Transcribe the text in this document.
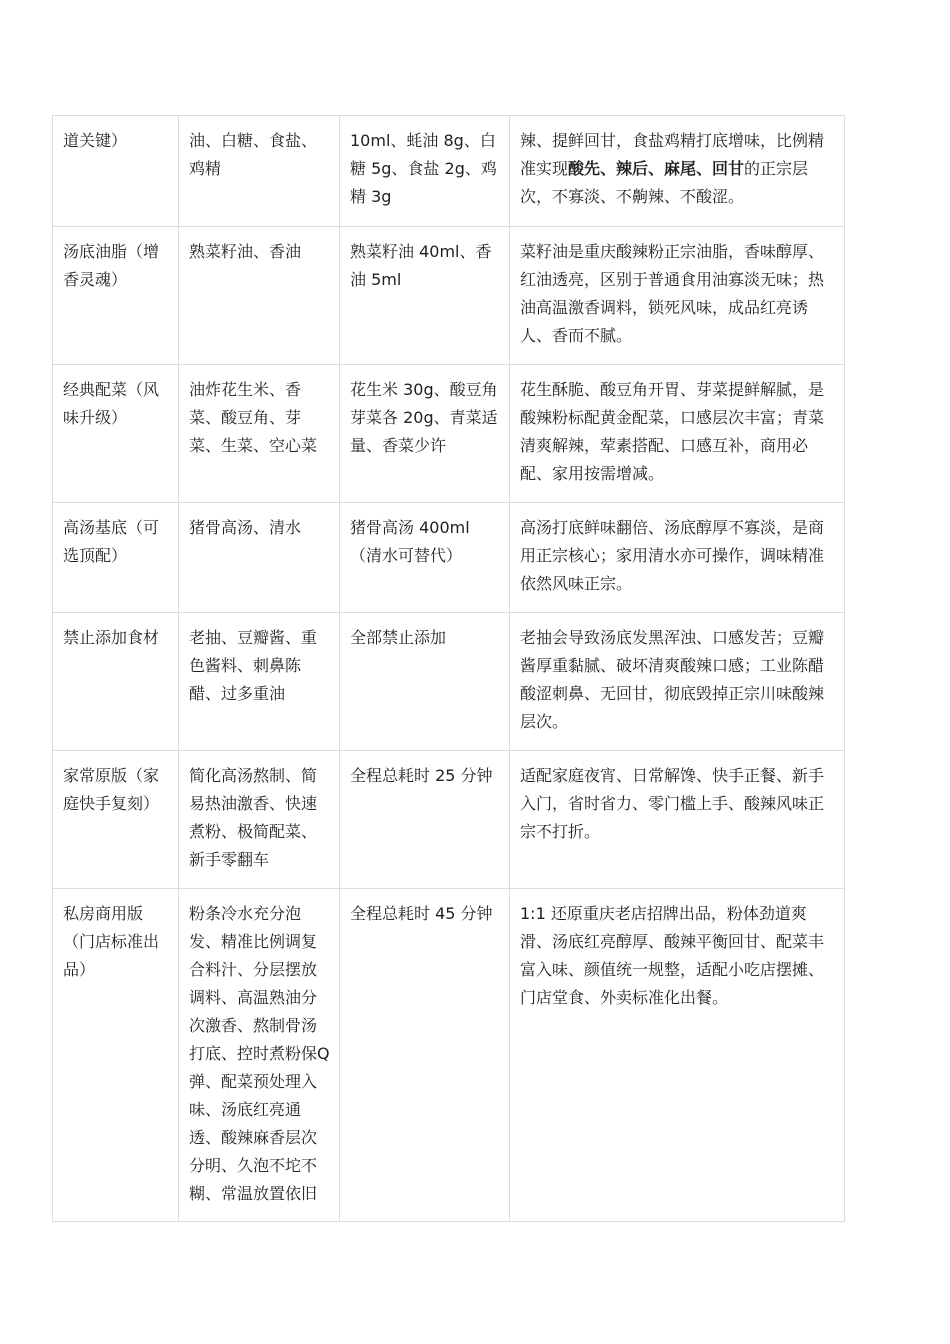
道关键）	油、白糖、食盐、鸡精	10ml、蚝油 8g、白糖 5g、食盐 2g、鸡精 3g	辣、提鲜回甘，食盐鸡精打底增味，比例精准实现酸先、辣后、麻尾、回甘的正宗层次，不寡淡、不齁辣、不酸涩。
汤底油脂（增香灵魂）	熟菜籽油、香油	熟菜籽油 40ml、香油 5ml	菜籽油是重庆酸辣粉正宗油脂，香味醇厚、红油透亮，区别于普通食用油寡淡无味；热油高温激香调料，锁死风味，成品红亮诱人、香而不腻。
经典配菜（风味升级）	油炸花生米、香菜、酸豆角、芽菜、生菜、空心菜	花生米 30g、酸豆角芽菜各 20g、青菜适量、香菜少许	花生酥脆、酸豆角开胃、芽菜提鲜解腻，是酸辣粉标配黄金配菜，口感层次丰富；青菜清爽解辣，荤素搭配、口感互补，商用必配、家用按需增减。
高汤基底（可选顶配）	猪骨高汤、清水	猪骨高汤 400ml（清水可替代）	高汤打底鲜味翻倍、汤底醇厚不寡淡，是商用正宗核心；家用清水亦可操作，调味精准依然风味正宗。
禁止添加食材	老抽、豆瓣酱、重色酱料、刺鼻陈醋、过多重油	全部禁止添加	老抽会导致汤底发黑浑浊、口感发苦；豆瓣酱厚重黏腻、破坏清爽酸辣口感；工业陈醋酸涩刺鼻、无回甘，彻底毁掉正宗川味酸辣层次。
家常原版（家庭快手复刻）	简化高汤熬制、简易热油激香、快速煮粉、极简配菜、新手零翻车	全程总耗时 25 分钟	适配家庭夜宵、日常解馋、快手正餐、新手入门，省时省力、零门槛上手、酸辣风味正宗不打折。
私房商用版（门店标准出品）	粉条冷水充分泡发、精准比例调复合料汁、分层摆放调料、高温熟油分次激香、熬制骨汤打底、控时煮粉保Q弹、配菜预处理入味、汤底红亮通透、酸辣麻香层次分明、久泡不坨不糊、常温放置依旧	全程总耗时 45 分钟	1:1 还原重庆老店招牌出品，粉体劲道爽滑、汤底红亮醇厚、酸辣平衡回甘、配菜丰富入味、颜值统一规整，适配小吃店摆摊、门店堂食、外卖标准化出餐。
